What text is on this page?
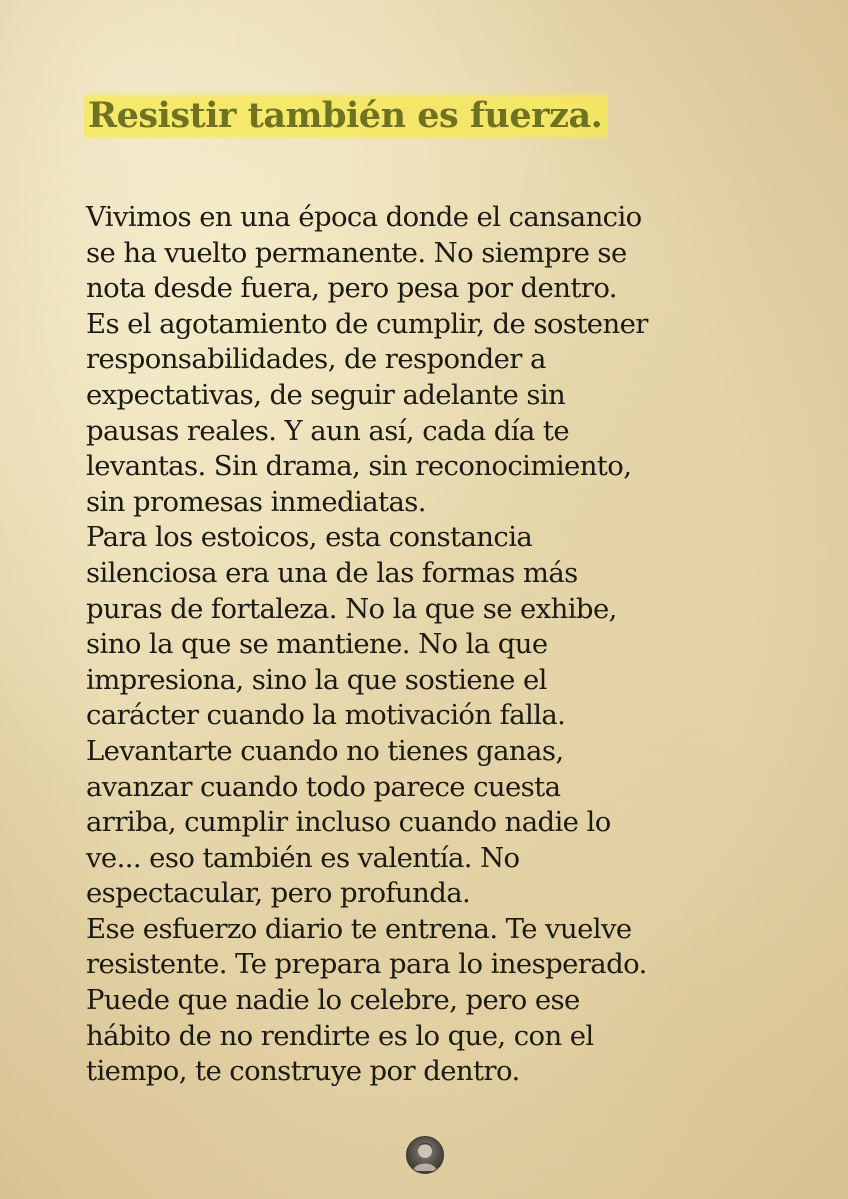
Resistir también es fuerza.
Vivimos en una época donde el cansancio
se ha vuelto permanente. No siempre se
nota desde fuera, pero pesa por dentro.
Es el agotamiento de cumplir, de sostener
responsabilidades, de responder a
expectativas, de seguir adelante sin
pausas reales. Y aun así, cada día te
levantas. Sin drama, sin reconocimiento,
sin promesas inmediatas.
Para los estoicos, esta constancia
silenciosa era una de las formas más
puras de fortaleza. No la que se exhibe,
sino la que se mantiene. No la que
impresiona, sino la que sostiene el
carácter cuando la motivación falla.
Levantarte cuando no tienes ganas,
avanzar cuando todo parece cuesta
arriba, cumplir incluso cuando nadie lo
ve... eso también es valentía. No
espectacular, pero profunda.
Ese esfuerzo diario te entrena. Te vuelve
resistente. Te prepara para lo inesperado.
Puede que nadie lo celebre, pero ese
hábito de no rendirte es lo que, con el
tiempo, te construye por dentro.
